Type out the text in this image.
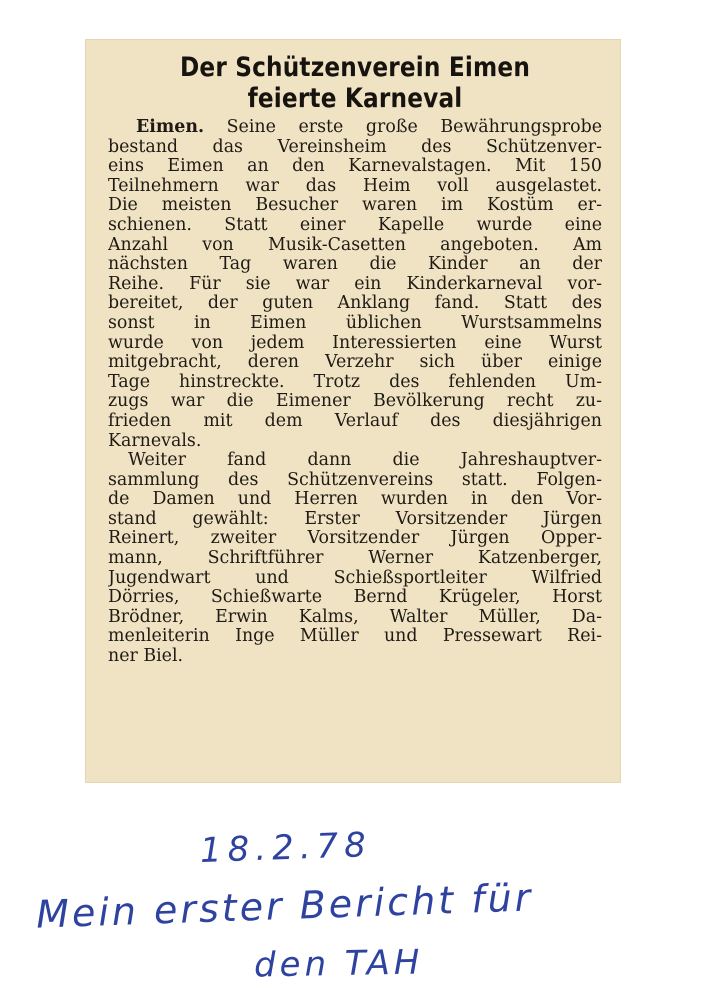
Der Schützenverein Eimen
feierte Karneval
Eimen. Seine erste große Bewährungsprobe
bestand das Vereinsheim des Schützenver-
eins Eimen an den Karnevalstagen. Mit 150
Teilnehmern war das Heim voll ausgelastet.
Die meisten Besucher waren im Kostüm er-
schienen. Statt einer Kapelle wurde eine
Anzahl von Musik-Casetten angeboten. Am
nächsten Tag waren die Kinder an der
Reihe. Für sie war ein Kinderkarneval vor-
bereitet, der guten Anklang fand. Statt des
sonst in Eimen üblichen Wurstsammelns
wurde von jedem Interessierten eine Wurst
mitgebracht, deren Verzehr sich über einige
Tage hinstreckte. Trotz des fehlenden Um-
zugs war die Eimener Bevölkerung recht zu-
frieden mit dem Verlauf des diesjährigen
Karnevals.
Weiter fand dann die Jahreshauptver-
sammlung des Schützenvereins statt. Folgen-
de Damen und Herren wurden in den Vor-
stand gewählt: Erster Vorsitzender Jürgen
Reinert, zweiter Vorsitzender Jürgen Opper-
mann, Schriftführer Werner Katzenberger,
Jugendwart und Schießsportleiter Wilfried
Dörries, Schießwarte Bernd Krügeler, Horst
Brödner, Erwin Kalms, Walter Müller, Da-
menleiterin Inge Müller und Pressewart Rei-
ner Biel.
18.2.78
Mein erster Bericht für
den TAH
